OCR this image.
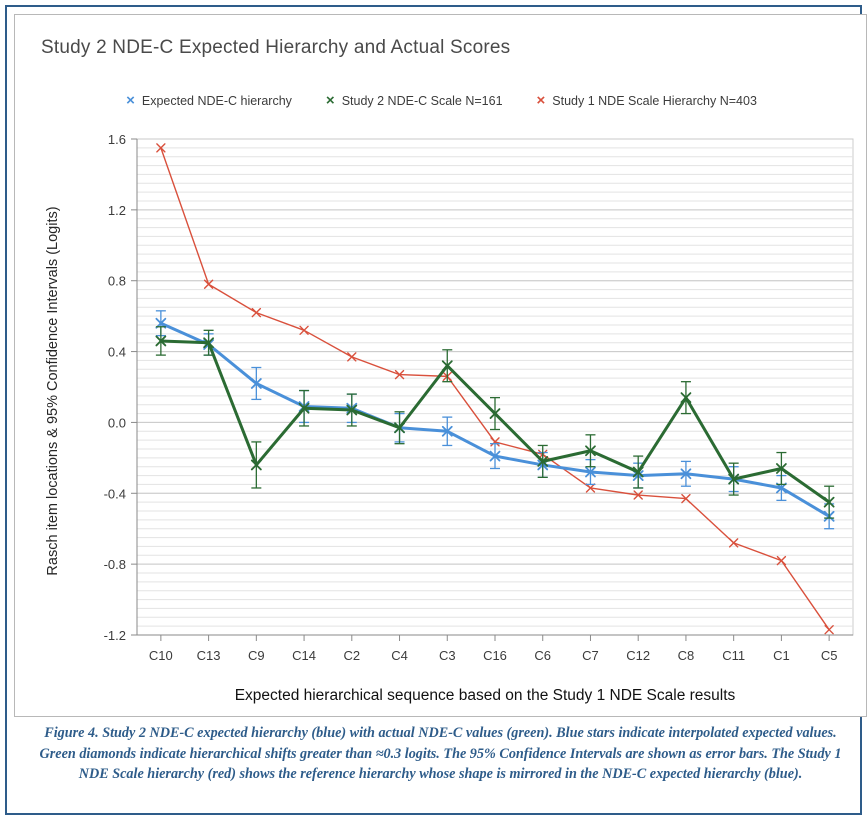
Study 2 NDE-C Expected Hierarchy and Actual Scores
× Expected NDE-C hierarchy × Study 2 NDE-C Scale N=161 × Study 1 NDE Scale Hierarchy N=403
Rasch item locations & 95% Confidence Intervals (Logits)
1.6
1.2
0.8
0.4
0.0
-0.4
-0.8
-1.2
C10 C13 C9 C14 C2 C4 C3 C16 C6 C7 C12 C8 C11 C1 C5
Expected hierarchical sequence based on the Study 1 NDE Scale results
Figure 4. Study 2 NDE-C expected hierarchy (blue) with actual NDE-C values (green). Blue stars indicate interpolated expected values. Green diamonds indicate hierarchical shifts greater than ≈0.3 logits. The 95% Confidence Intervals are shown as error bars. The Study 1 NDE Scale hierarchy (red) shows the reference hierarchy whose shape is mirrored in the NDE-C expected hierarchy (blue).
